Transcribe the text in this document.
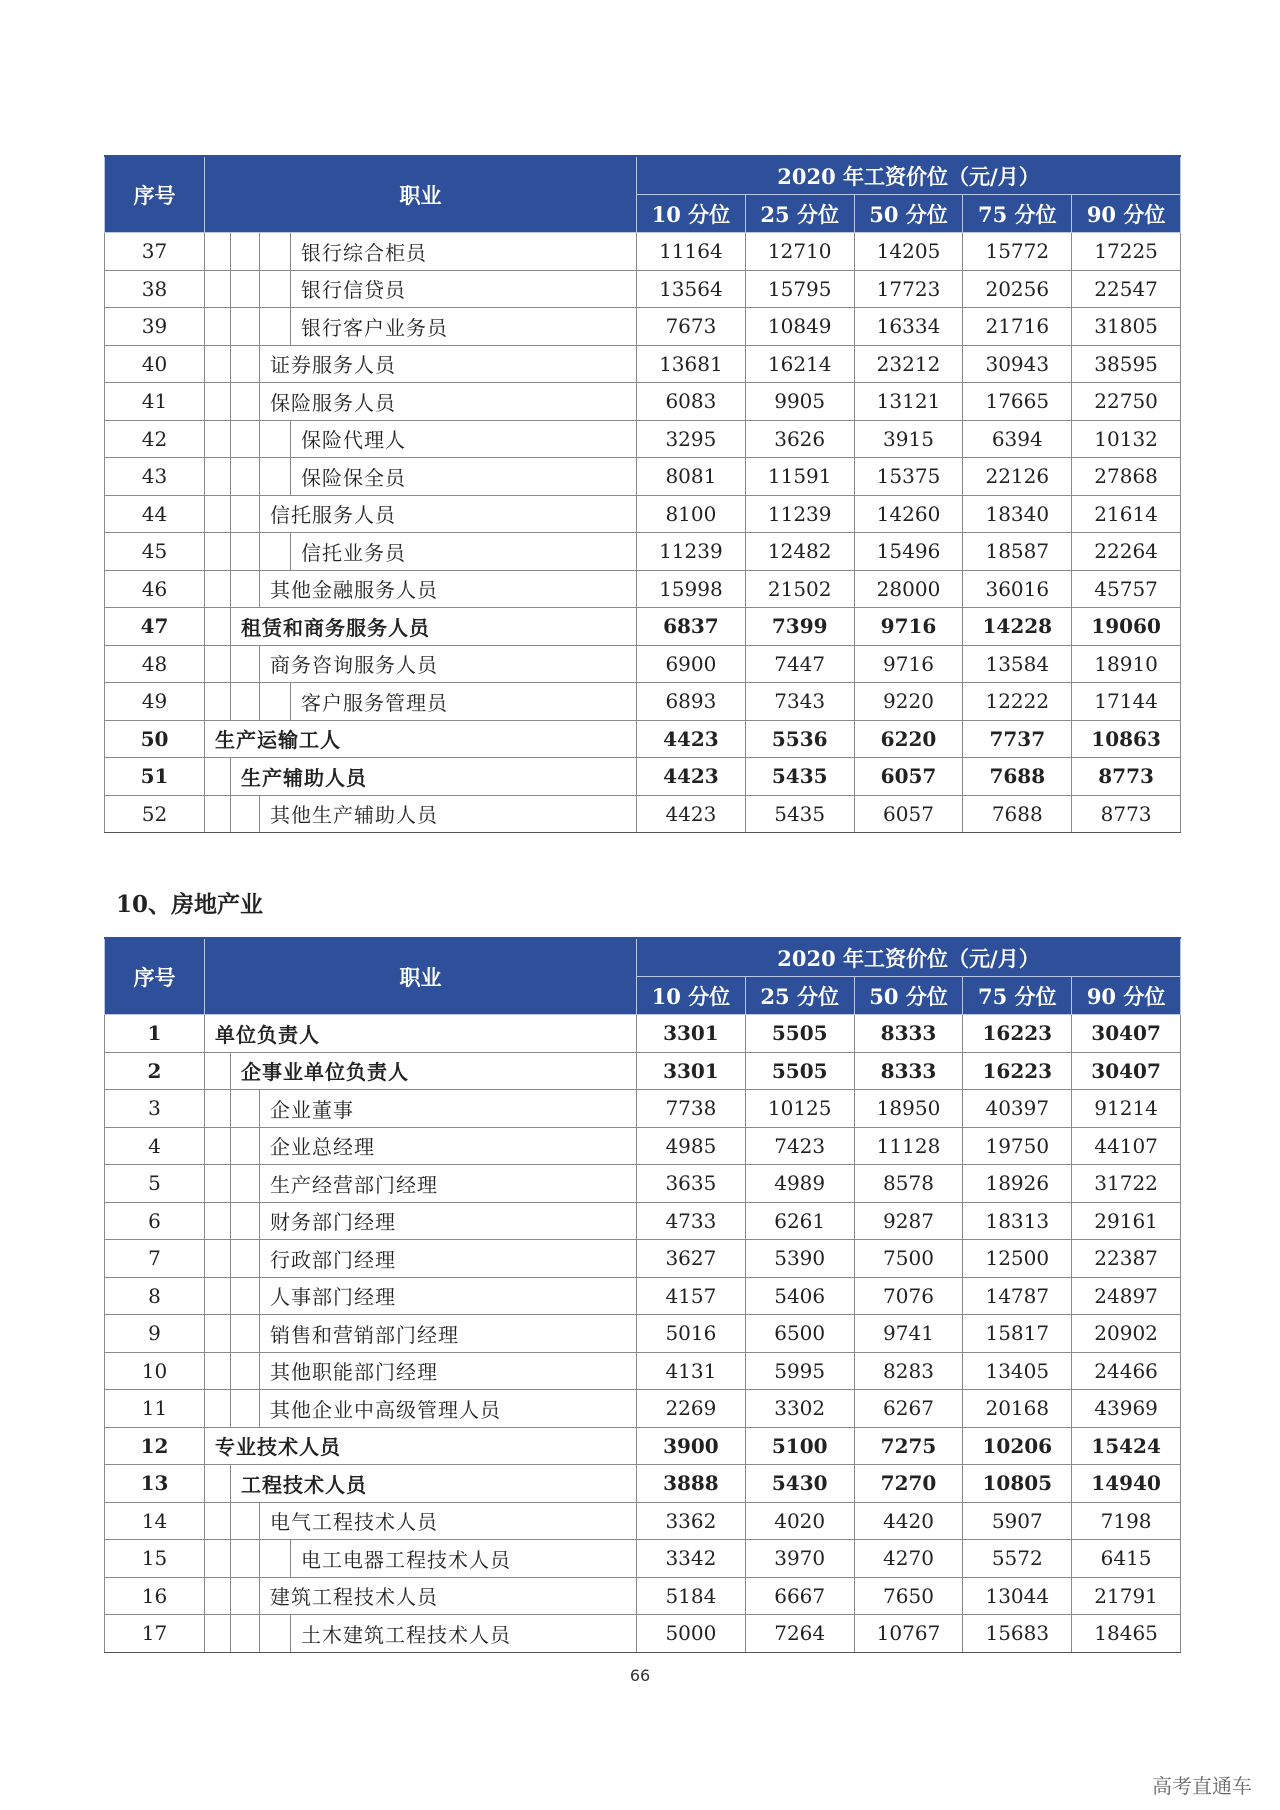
序号	职业				2020 年工资价位（元/月）				
					10 分位	25 分位	50 分位	75 分位	90 分位
37				银行综合柜员	11164	12710	14205	15772	17225
38				银行信贷员	13564	15795	17723	20256	22547
39				银行客户业务员	7673	10849	16334	21716	31805
40			证券服务人员		13681	16214	23212	30943	38595
41			保险服务人员		6083	9905	13121	17665	22750
42				保险代理人	3295	3626	3915	6394	10132
43				保险保全员	8081	11591	15375	22126	27868
44			信托服务人员		8100	11239	14260	18340	21614
45				信托业务员	11239	12482	15496	18587	22264
46			其他金融服务人员		15998	21502	28000	36016	45757
47		租赁和商务服务人员			6837	7399	9716	14228	19060
48			商务咨询服务人员		6900	7447	9716	13584	18910
49				客户服务管理员	6893	7343	9220	12222	17144
50	生产运输工人				4423	5536	6220	7737	10863
51		生产辅助人员			4423	5435	6057	7688	8773
52			其他生产辅助人员		4423	5435	6057	7688	8773
10、房地产业
序号	职业				2020 年工资价位（元/月）				
					10 分位	25 分位	50 分位	75 分位	90 分位
1	单位负责人				3301	5505	8333	16223	30407
2		企事业单位负责人			3301	5505	8333	16223	30407
3			企业董事		7738	10125	18950	40397	91214
4			企业总经理		4985	7423	11128	19750	44107
5			生产经营部门经理		3635	4989	8578	18926	31722
6			财务部门经理		4733	6261	9287	18313	29161
7			行政部门经理		3627	5390	7500	12500	22387
8			人事部门经理		4157	5406	7076	14787	24897
9			销售和营销部门经理		5016	6500	9741	15817	20902
10			其他职能部门经理		4131	5995	8283	13405	24466
11			其他企业中高级管理人员		2269	3302	6267	20168	43969
12	专业技术人员				3900	5100	7275	10206	15424
13		工程技术人员			3888	5430	7270	10805	14940
14			电气工程技术人员		3362	4020	4420	5907	7198
15				电工电器工程技术人员	3342	3970	4270	5572	6415
16			建筑工程技术人员		5184	6667	7650	13044	21791
17				土木建筑工程技术人员	5000	7264	10767	15683	18465
66
高考直通车
